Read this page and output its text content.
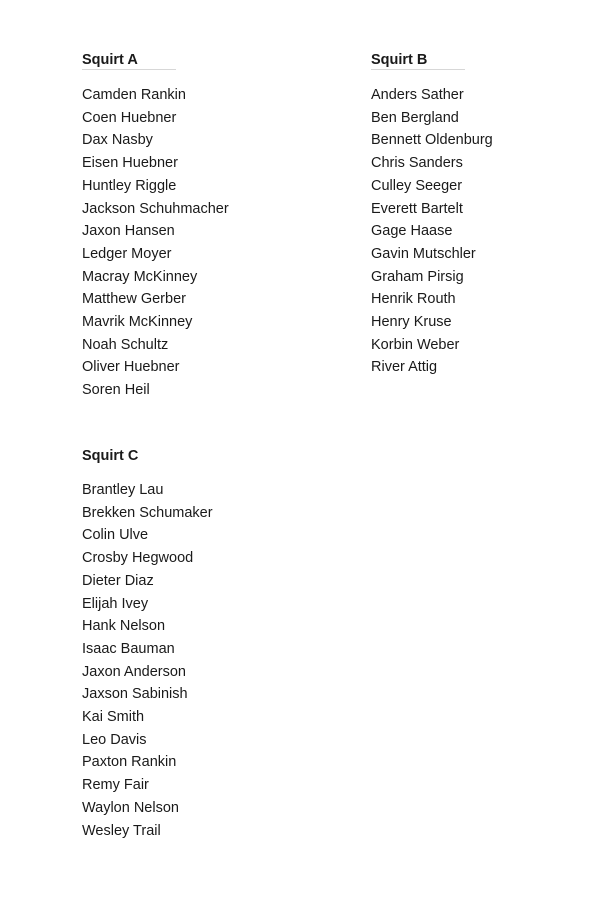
Squirt A
Camden Rankin
Coen Huebner
Dax Nasby
Eisen Huebner
Huntley Riggle
Jackson Schuhmacher
Jaxon Hansen
Ledger Moyer
Macray McKinney
Matthew Gerber
Mavrik McKinney
Noah Schultz
Oliver Huebner
Soren Heil
Squirt B
Anders Sather
Ben Bergland
Bennett Oldenburg
Chris Sanders
Culley Seeger
Everett Bartelt
Gage Haase
Gavin Mutschler
Graham Pirsig
Henrik Routh
Henry Kruse
Korbin Weber
River Attig
Squirt C
Brantley Lau
Brekken Schumaker
Colin Ulve
Crosby Hegwood
Dieter Diaz
Elijah Ivey
Hank Nelson
Isaac Bauman
Jaxon Anderson
Jaxson Sabinish
Kai Smith
Leo Davis
Paxton Rankin
Remy Fair
Waylon Nelson
Wesley Trail
